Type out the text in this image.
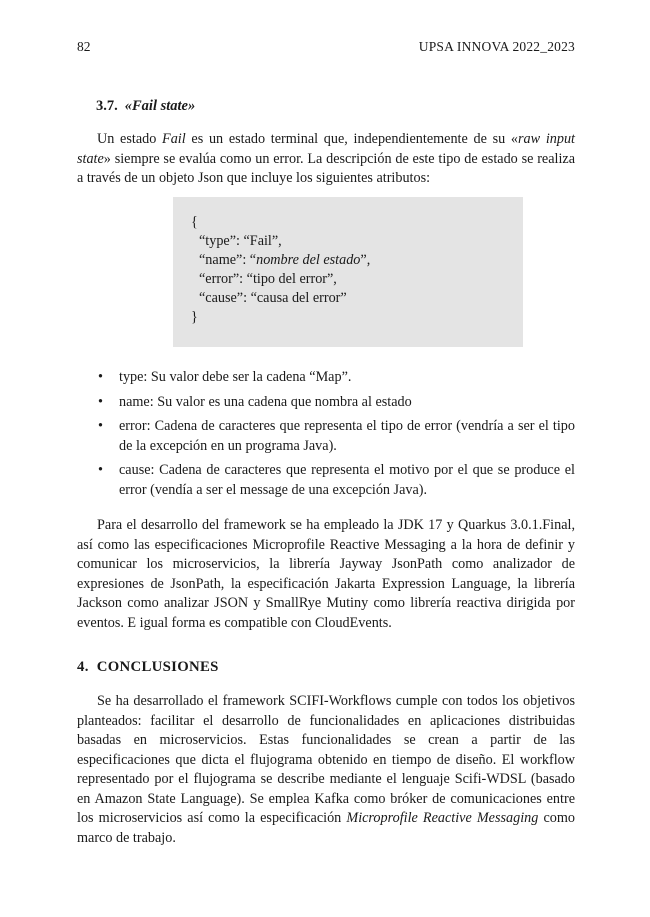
82	UPSA INNOVA 2022_2023
3.7. «Fail state»

Un estado Fail es un estado terminal que, independientemente de su «raw input state» siempre se evalúa como un error. La descripción de este tipo de estado se realiza a través de un objeto Json que incluye los siguientes atributos:

{
“type”: “Fail”,
“name”: “nombre del estado”,
“error”: “tipo del error”,
“cause”: “causa del error”
}
• type: Su valor debe ser la cadena “Map”.
• name: Su valor es una cadena que nombra al estado
• error: Cadena de caracteres que representa el tipo de error (vendría a ser el tipo de la excepción en un programa Java).
• cause: Cadena de caracteres que representa el motivo por el que se produce el error (vendía a ser el message de una excepción Java).

Para el desarrollo del framework se ha empleado la JDK 17 y Quarkus 3.0.1.Final, así como las especificaciones Microprofile Reactive Messaging a la hora de definir y comunicar los microservicios, la librería Jayway JsonPath como analizador de expresiones de JsonPath, la especificación Jakarta Expression Language, la librería Jackson como analizar JSON y SmallRye Mutiny como librería reactiva dirigida por eventos. E igual forma es compatible con CloudEvents.

4. CONCLUSIONES

Se ha desarrollado el framework SCIFI-Workflows cumple con todos los objetivos planteados: facilitar el desarrollo de funcionalidades en aplicaciones distribuidas basadas en microservicios. Estas funcionalidades se crean a partir de las especificaciones que dicta el flujograma obtenido en tiempo de diseño. El workflow representado por el flujograma se describe mediante el lenguaje Scifi-WDSL (basado en Amazon State Language). Se emplea Kafka como bróker de comunicaciones entre los microservicios así como la especificación Microprofile Reactive Messaging como marco de trabajo.
